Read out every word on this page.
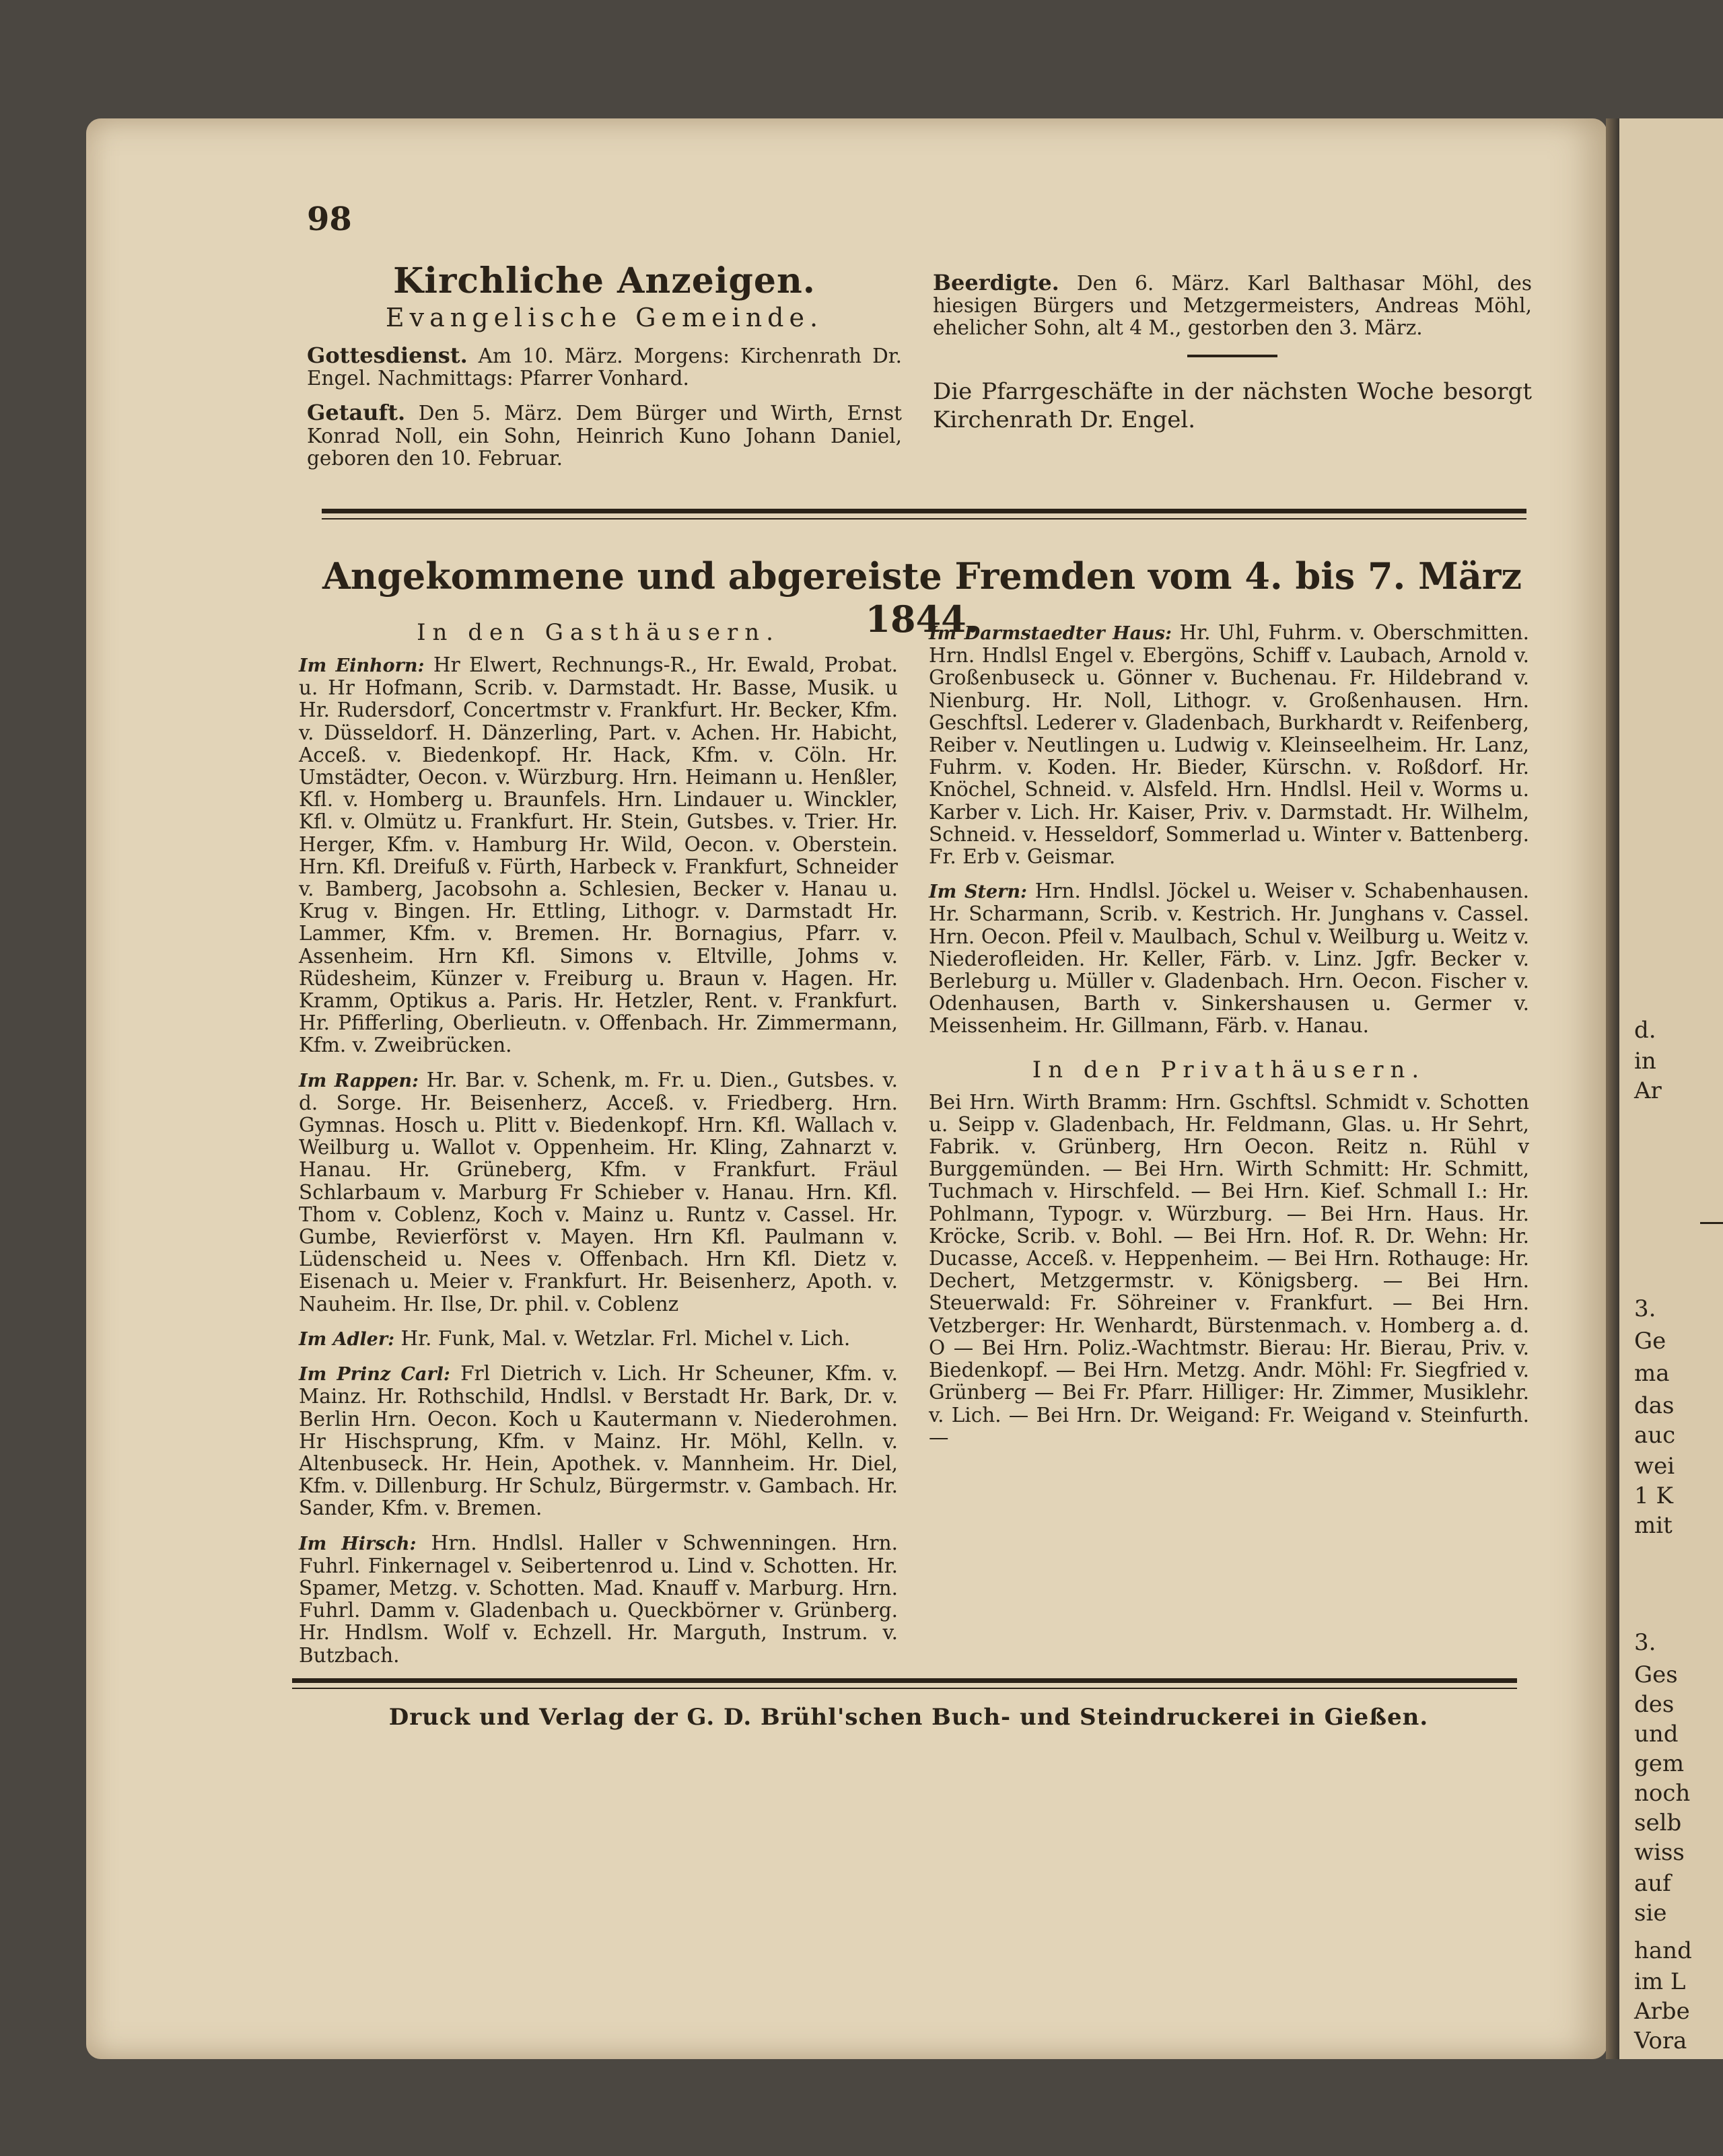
d.
in
Ar
3.
Ge
ma
das
auc
wei
1 K
mit
3.
Ges
des
und
gem
noch
selb
wiss
auf
sie
hand
im L
Arbe
Vora
98
Kirchliche Anzeigen.
Evangelische Gemeinde.

Gottesdienst. Am 10. März. Morgens: Kirchenrath Dr. Engel. Nachmittags: Pfarrer Vonhard.

Getauft. Den 5. März. Dem Bürger und Wirth, Ernst Konrad Noll, ein Sohn, Heinrich Kuno Johann Daniel, geboren den 10. Februar.

Beerdigte. Den 6. März. Karl Balthasar Möhl, des hiesigen Bürgers und Metzgermeisters, Andreas Möhl, ehelicher Sohn, alt 4 M., gestorben den 3. März.

Die Pfarrgeschäfte in der nächsten Woche besorgt Kirchenrath Dr. Engel.

Angekommene und abgereiste Fremden vom 4. bis 7. März 1844.
In den Gasthäusern.

Im Einhorn: Hr Elwert, Rechnungs-R., Hr. Ewald, Probat. u. Hr Hofmann, Scrib. v. Darmstadt. Hr. Basse, Musik. u Hr. Rudersdorf, Concertmstr v. Frankfurt. Hr. Becker, Kfm. v. Düsseldorf. H. Dänzerling, Part. v. Achen. Hr. Habicht, Acceß. v. Biedenkopf. Hr. Hack, Kfm. v. Cöln. Hr. Umstädter, Oecon. v. Würzburg. Hrn. Heimann u. Henßler, Kfl. v. Homberg u. Braunfels. Hrn. Lindauer u. Winckler, Kfl. v. Olmütz u. Frankfurt. Hr. Stein, Gutsbes. v. Trier. Hr. Herger, Kfm. v. Hamburg Hr. Wild, Oecon. v. Oberstein. Hrn. Kfl. Dreifuß v. Fürth, Harbeck v. Frankfurt, Schneider v. Bamberg, Jacobsohn a. Schlesien, Becker v. Hanau u. Krug v. Bingen. Hr. Ettling, Lithogr. v. Darmstadt Hr. Lammer, Kfm. v. Bremen. Hr. Bornagius, Pfarr. v. Assenheim. Hrn Kfl. Simons v. Eltville, Johms v. Rüdesheim, Künzer v. Freiburg u. Braun v. Hagen. Hr. Kramm, Optikus a. Paris. Hr. Hetzler, Rent. v. Frankfurt. Hr. Pfifferling, Oberlieutn. v. Offenbach. Hr. Zimmermann, Kfm. v. Zweibrücken.

Im Rappen: Hr. Bar. v. Schenk, m. Fr. u. Dien., Gutsbes. v. d. Sorge. Hr. Beisenherz, Acceß. v. Friedberg. Hrn. Gymnas. Hosch u. Plitt v. Biedenkopf. Hrn. Kfl. Wallach v. Weilburg u. Wallot v. Oppenheim. Hr. Kling, Zahnarzt v. Hanau. Hr. Grüneberg, Kfm. v Frankfurt. Fräul Schlarbaum v. Marburg Fr Schieber v. Hanau. Hrn. Kfl. Thom v. Coblenz, Koch v. Mainz u. Runtz v. Cassel. Hr. Gumbe, Revierförst v. Mayen. Hrn Kfl. Paulmann v. Lüdenscheid u. Nees v. Offenbach. Hrn Kfl. Dietz v. Eisenach u. Meier v. Frankfurt. Hr. Beisenherz, Apoth. v. Nauheim. Hr. Ilse, Dr. phil. v. Coblenz

Im Adler: Hr. Funk, Mal. v. Wetzlar. Frl. Michel v. Lich.

Im Prinz Carl: Frl Dietrich v. Lich. Hr Scheuner, Kfm. v. Mainz. Hr. Rothschild, Hndlsl. v Berstadt Hr. Bark, Dr. v. Berlin Hrn. Oecon. Koch u Kautermann v. Niederohmen. Hr Hischsprung, Kfm. v Mainz. Hr. Möhl, Kelln. v. Altenbuseck. Hr. Hein, Apothek. v. Mannheim. Hr. Diel, Kfm. v. Dillenburg. Hr Schulz, Bürgermstr. v. Gambach. Hr. Sander, Kfm. v. Bremen.

Im Hirsch: Hrn. Hndlsl. Haller v Schwenningen. Hrn. Fuhrl. Finkernagel v. Seibertenrod u. Lind v. Schotten. Hr. Spamer, Metzg. v. Schotten. Mad. Knauff v. Marburg. Hrn. Fuhrl. Damm v. Gladenbach u. Queckbörner v. Grünberg. Hr. Hndlsm. Wolf v. Echzell. Hr. Marguth, Instrum. v. Butzbach.

Im Darmstaedter Haus: Hr. Uhl, Fuhrm. v. Oberschmitten. Hrn. Hndlsl Engel v. Ebergöns, Schiff v. Laubach, Arnold v. Großenbuseck u. Gönner v. Buchenau. Fr. Hildebrand v. Nienburg. Hr. Noll, Lithogr. v. Großenhausen. Hrn. Geschftsl. Lederer v. Gladenbach, Burkhardt v. Reifenberg, Reiber v. Neutlingen u. Ludwig v. Kleinseelheim. Hr. Lanz, Fuhrm. v. Koden. Hr. Bieder, Kürschn. v. Roßdorf. Hr. Knöchel, Schneid. v. Alsfeld. Hrn. Hndlsl. Heil v. Worms u. Karber v. Lich. Hr. Kaiser, Priv. v. Darmstadt. Hr. Wilhelm, Schneid. v. Hesseldorf, Sommerlad u. Winter v. Battenberg. Fr. Erb v. Geismar.

Im Stern: Hrn. Hndlsl. Jöckel u. Weiser v. Schabenhausen. Hr. Scharmann, Scrib. v. Kestrich. Hr. Junghans v. Cassel. Hrn. Oecon. Pfeil v. Maulbach, Schul v. Weilburg u. Weitz v. Niederofleiden. Hr. Keller, Färb. v. Linz. Jgfr. Becker v. Berleburg u. Müller v. Gladenbach. Hrn. Oecon. Fischer v. Odenhausen, Barth v. Sinkershausen u. Germer v. Meissenheim. Hr. Gillmann, Färb. v. Hanau.

In den Privathäusern.

Bei Hrn. Wirth Bramm: Hrn. Gschftsl. Schmidt v. Schotten u. Seipp v. Gladenbach, Hr. Feldmann, Glas. u. Hr Sehrt, Fabrik. v. Grünberg, Hrn Oecon. Reitz n. Rühl v Burggemünden. — Bei Hrn. Wirth Schmitt: Hr. Schmitt, Tuchmach v. Hirschfeld. — Bei Hrn. Kief. Schmall I.: Hr. Pohlmann, Typogr. v. Würzburg. — Bei Hrn. Haus. Hr. Kröcke, Scrib. v. Bohl. — Bei Hrn. Hof. R. Dr. Wehn: Hr. Ducasse, Acceß. v. Heppenheim. — Bei Hrn. Rothauge: Hr. Dechert, Metzgermstr. v. Königsberg. — Bei Hrn. Steuerwald: Fr. Söhreiner v. Frankfurt. — Bei Hrn. Vetzberger: Hr. Wenhardt, Bürstenmach. v. Homberg a. d. O — Bei Hrn. Poliz.-Wachtmstr. Bierau: Hr. Bierau, Priv. v. Biedenkopf. — Bei Hrn. Metzg. Andr. Möhl: Fr. Siegfried v. Grünberg — Bei Fr. Pfarr. Hilliger: Hr. Zimmer, Musiklehr. v. Lich. — Bei Hrn. Dr. Weigand: Fr. Weigand v. Steinfurth. —

Druck und Verlag der G. D. Brühl'schen Buch- und Steindruckerei in Gießen.
